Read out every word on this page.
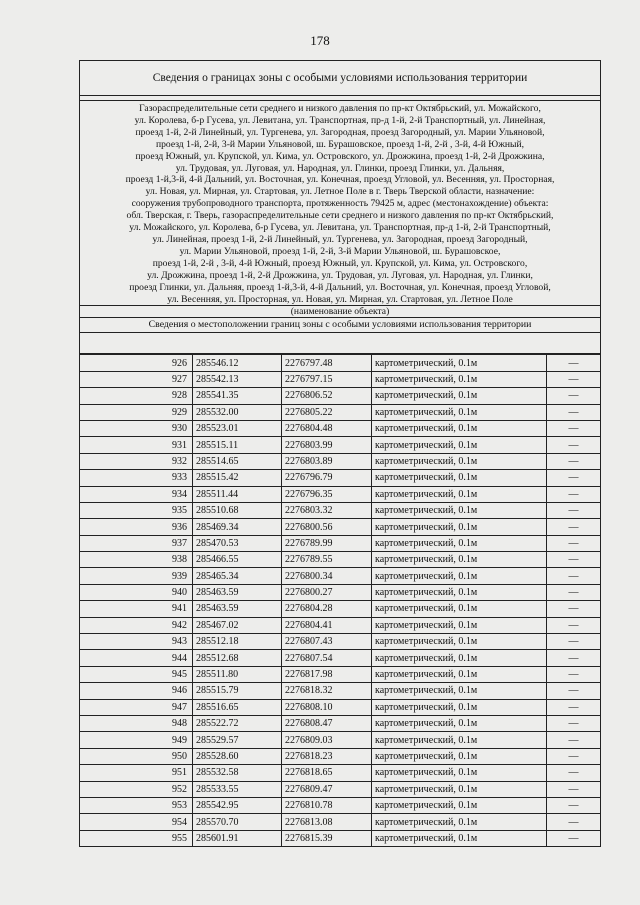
178
Сведения о границах зоны с особыми условиями использования территории
Газораспределительные сети среднего и низкого давления по пр-кт Октябрьский, ул. Можайского,
ул. Королева, б-р Гусева, ул. Левитана, ул. Транспортная, пр-д 1-й, 2-й Транспортный, ул. Линейная,
проезд 1-й, 2-й Линейный, ул. Тургенева, ул. Загородная, проезд Загородный, ул. Марии Ульяновой,
проезд 1-й, 2-й, 3-й Марии Ульяновой, ш. Бурашовское, проезд 1-й, 2-й , 3-й, 4-й Южный,
проезд Южный, ул. Крупской, ул. Кима, ул. Островского, ул. Дрожжина, проезд 1-й, 2-й Дрожжина,
ул. Трудовая, ул. Луговая, ул. Народная, ул. Глинки, проезд Глинки, ул. Дальняя,
проезд 1-й,3-й, 4-й Дальний, ул. Восточная, ул. Конечная, проезд Угловой, ул. Весенняя, ул. Просторная,
ул. Новая, ул. Мирная, ул. Стартовая, ул. Летное Поле в г. Тверь Тверской области, назначение:
сооружения трубопроводного транспорта, протяженность 79425 м, адрес (местонахождение) объекта:
обл. Тверская, г. Тверь, газораспределительные сети среднего и низкого давления по пр-кт Октябрьский,
ул. Можайского, ул. Королева, б-р Гусева, ул. Левитана, ул. Транспортная, пр-д 1-й, 2-й Транспортный,
ул. Линейная, проезд 1-й, 2-й Линейный, ул. Тургенева, ул. Загородная, проезд Загородный,
ул. Марии Ульяновой, проезд 1-й, 2-й, 3-й Марии Ульяновой, ш. Бурашовское,
проезд 1-й, 2-й , 3-й, 4-й Южный, проезд Южный, ул. Крупской, ул. Кима, ул. Островского,
ул. Дрожжина, проезд 1-й, 2-й Дрожжина, ул. Трудовая, ул. Луговая, ул. Народная, ул. Глинки,
проезд Глинки, ул. Дальняя, проезд 1-й,3-й, 4-й Дальний, ул. Восточная, ул. Конечная, проезд Угловой,
ул. Весенняя, ул. Просторная, ул. Новая, ул. Мирная, ул. Стартовая, ул. Летное Поле
(наименование объекта)
Сведения о местоположении границ зоны с особыми условиями использования территории
926	285546.12	2276797.48	картометрический, 0.1м	—
927	285542.13	2276797.15	картометрический, 0.1м	—
928	285541.35	2276806.52	картометрический, 0.1м	—
929	285532.00	2276805.22	картометрический, 0.1м	—
930	285523.01	2276804.48	картометрический, 0.1м	—
931	285515.11	2276803.99	картометрический, 0.1м	—
932	285514.65	2276803.89	картометрический, 0.1м	—
933	285515.42	2276796.79	картометрический, 0.1м	—
934	285511.44	2276796.35	картометрический, 0.1м	—
935	285510.68	2276803.32	картометрический, 0.1м	—
936	285469.34	2276800.56	картометрический, 0.1м	—
937	285470.53	2276789.99	картометрический, 0.1м	—
938	285466.55	2276789.55	картометрический, 0.1м	—
939	285465.34	2276800.34	картометрический, 0.1м	—
940	285463.59	2276800.27	картометрический, 0.1м	—
941	285463.59	2276804.28	картометрический, 0.1м	—
942	285467.02	2276804.41	картометрический, 0.1м	—
943	285512.18	2276807.43	картометрический, 0.1м	—
944	285512.68	2276807.54	картометрический, 0.1м	—
945	285511.80	2276817.98	картометрический, 0.1м	—
946	285515.79	2276818.32	картометрический, 0.1м	—
947	285516.65	2276808.10	картометрический, 0.1м	—
948	285522.72	2276808.47	картометрический, 0.1м	—
949	285529.57	2276809.03	картометрический, 0.1м	—
950	285528.60	2276818.23	картометрический, 0.1м	—
951	285532.58	2276818.65	картометрический, 0.1м	—
952	285533.55	2276809.47	картометрический, 0.1м	—
953	285542.95	2276810.78	картометрический, 0.1м	—
954	285570.70	2276813.08	картометрический, 0.1м	—
955	285601.91	2276815.39	картометрический, 0.1м	—
